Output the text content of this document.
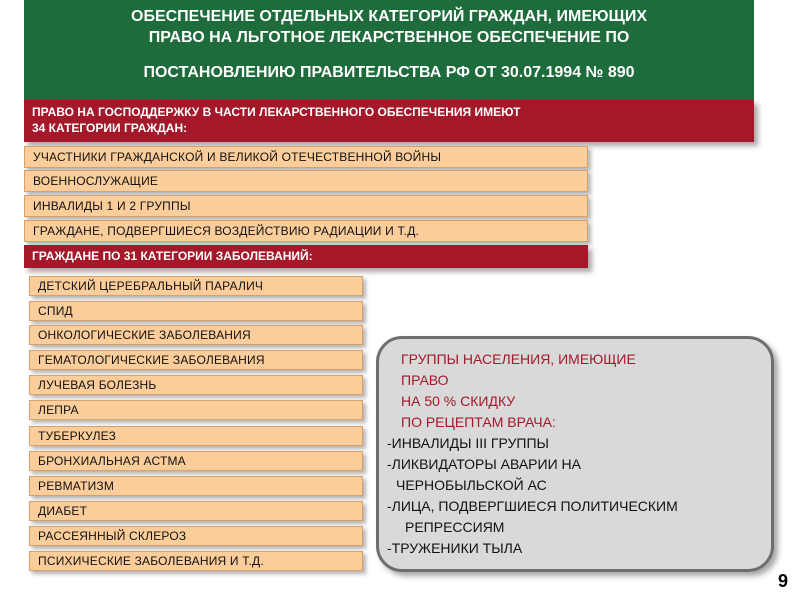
ОБЕСПЕЧЕНИЕ ОТДЕЛЬНЫХ КАТЕГОРИЙ ГРАЖДАН, ИМЕЮЩИХ
ПРАВО НА ЛЬГОТНОЕ ЛЕКАРСТВЕННОЕ ОБЕСПЕЧЕНИЕ ПО
ПОСТАНОВЛЕНИЮ ПРАВИТЕЛЬСТВА РФ ОТ 30.07.1994 № 890
ПРАВО НА ГОСПОДДЕРЖКУ В ЧАСТИ ЛЕКАРСТВЕННОГО ОБЕСПЕЧЕНИЯ ИМЕЮТ
34 КАТЕГОРИИ ГРАЖДАН:
УЧАСТНИКИ ГРАЖДАНСКОЙ И ВЕЛИКОЙ ОТЕЧЕСТВЕННОЙ ВОЙНЫ
ВОЕННОСЛУЖАЩИЕ
ИНВАЛИДЫ 1 И 2 ГРУППЫ
ГРАЖДАНЕ, ПОДВЕРГШИЕСЯ ВОЗДЕЙСТВИЮ РАДИАЦИИ И Т.Д.
ГРАЖДАНЕ ПО 31 КАТЕГОРИИ ЗАБОЛЕВАНИЙ:
ДЕТСКИЙ ЦЕРЕБРАЛЬНЫЙ ПАРАЛИЧ
СПИД
ОНКОЛОГИЧЕСКИЕ ЗАБОЛЕВАНИЯ
ГЕМАТОЛОГИЧЕСКИЕ ЗАБОЛЕВАНИЯ
ЛУЧЕВАЯ БОЛЕЗНЬ
ЛЕПРА
ТУБЕРКУЛЕЗ
БРОНХИАЛЬНАЯ АСТМА
РЕВМАТИЗМ
ДИАБЕТ
РАССЕЯННЫЙ СКЛЕРОЗ
ПСИХИЧЕСКИЕ ЗАБОЛЕВАНИЯ И Т.Д.
ГРУППЫ НАСЕЛЕНИЯ, ИМЕЮЩИЕ
ПРАВО
НА 50 % СКИДКУ
ПО РЕЦЕПТАМ ВРАЧА:
-ИНВАЛИДЫ III ГРУППЫ
-ЛИКВИДАТОРЫ АВАРИИ НА
ЧЕРНОБЫЛЬСКОЙ АС
-ЛИЦА, ПОДВЕРГШИЕСЯ ПОЛИТИЧЕСКИМ
РЕПРЕССИЯМ
-ТРУЖЕНИКИ ТЫЛА
9
